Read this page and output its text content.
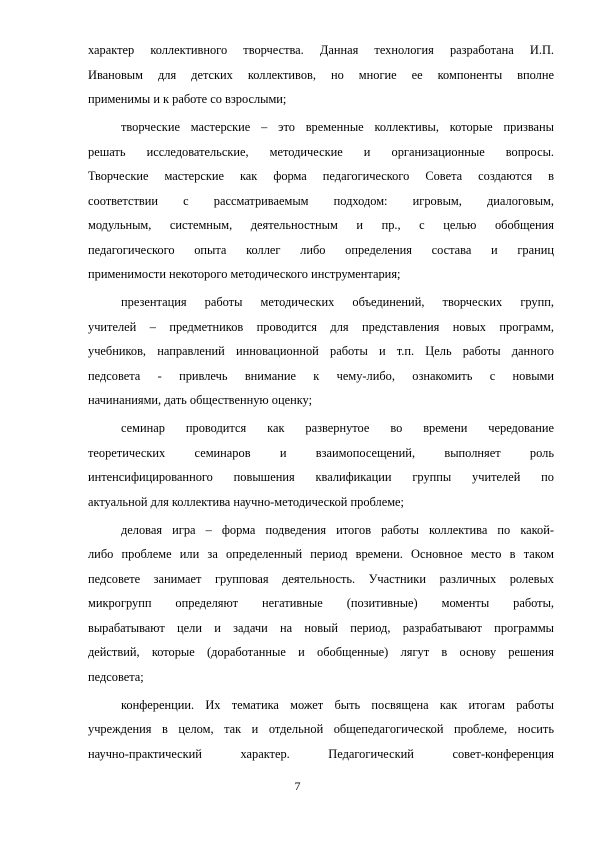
характер коллективного творчества. Данная технология разработана И.П.
Ивановым для детских коллективов, но многие ее компоненты вполне
применимы и к работе со взрослыми;
творческие мастерские – это временные коллективы, которые призваны
решать исследовательские, методические и организационные вопросы.
Творческие мастерские как форма педагогического Совета создаются в
соответствии с рассматриваемым подходом: игровым, диалоговым,
модульным, системным, деятельностным и пр., с целью обобщения
педагогического опыта коллег либо определения состава и границ
применимости некоторого методического инструментария;
презентация работы методических объединений, творческих групп,
учителей – предметников проводится для представления новых программ,
учебников, направлений инновационной работы и т.п. Цель работы данного
педсовета - привлечь внимание к чему-либо, ознакомить с новыми
начинаниями, дать общественную оценку;
семинар проводится как развернутое во времени чередование
теоретических семинаров и взаимопосещений, выполняет роль
интенсифицированного повышения квалификации группы учителей по
актуальной для коллектива научно-методической проблеме;
деловая игра – форма подведения итогов работы коллектива по какой-
либо проблеме или за определенный период времени. Основное место в таком
педсовете занимает групповая деятельность. Участники различных ролевых
микрогрупп определяют негативные (позитивные) моменты работы,
вырабатывают цели и задачи на новый период, разрабатывают программы
действий, которые (доработанные и обобщенные) лягут в основу решения
педсовета;
конференции. Их тематика может быть посвящена как итогам работы
учреждения в целом, так и отдельной общепедагогической проблеме, носить
научно-практический характер. Педагогический совет-конференция
7
